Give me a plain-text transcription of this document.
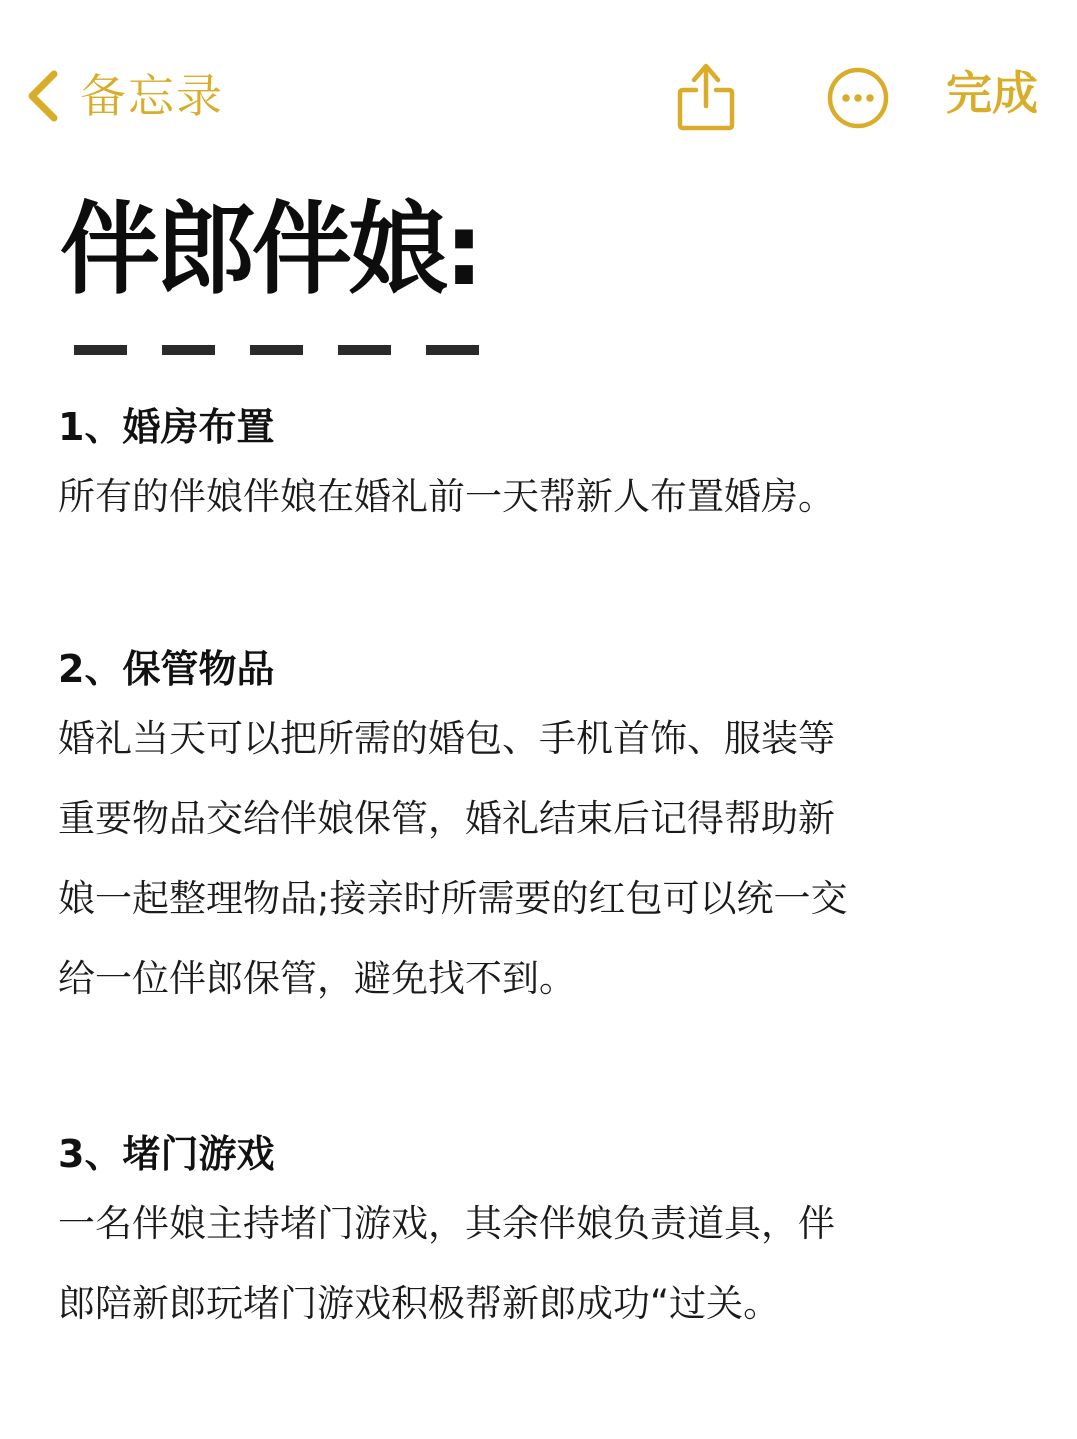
备忘录	完成
伴郎伴娘:

1、婚房布置

所有的伴娘伴娘在婚礼前一天帮新人布置婚房。

2、保管物品

婚礼当天可以把所需的婚包、手机首饰、服装等

重要物品交给伴娘保管，婚礼结束后记得帮助新

娘一起整理物品;接亲时所需要的红包可以统一交

给一位伴郎保管，避免找不到。

3、堵门游戏

一名伴娘主持堵门游戏，其余伴娘负责道具，伴

郎陪新郎玩堵门游戏积极帮新郎成功“过关。
